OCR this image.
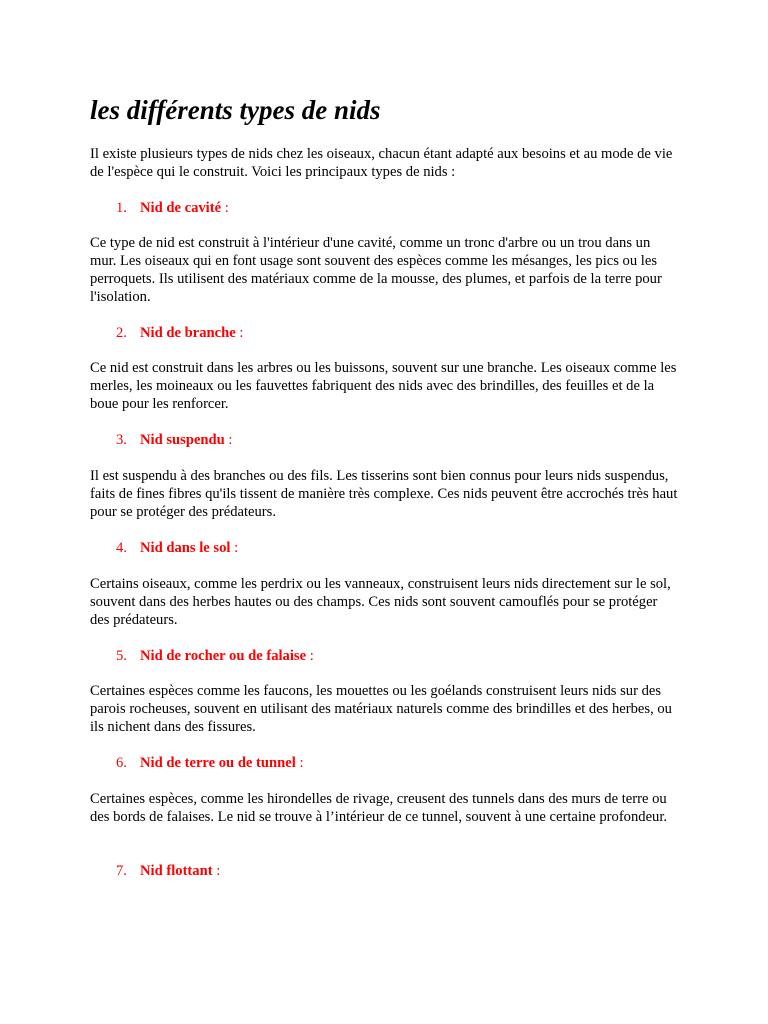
les différents types de nids

Il existe plusieurs types de nids chez les oiseaux, chacun étant adapté aux besoins et au mode de vie de l'espèce qui le construit. Voici les principaux types de nids :

1. Nid de cavité :

Ce type de nid est construit à l'intérieur d'une cavité, comme un tronc d'arbre ou un trou dans un mur. Les oiseaux qui en font usage sont souvent des espèces comme les mésanges, les pics ou les perroquets. Ils utilisent des matériaux comme de la mousse, des plumes, et parfois de la terre pour l'isolation.

2. Nid de branche :

Ce nid est construit dans les arbres ou les buissons, souvent sur une branche. Les oiseaux comme les merles, les moineaux ou les fauvettes fabriquent des nids avec des brindilles, des feuilles et de la boue pour les renforcer.

3. Nid suspendu :

Il est suspendu à des branches ou des fils. Les tisserins sont bien connus pour leurs nids suspendus, faits de fines fibres qu'ils tissent de manière très complexe. Ces nids peuvent être accrochés très haut pour se protéger des prédateurs.

4. Nid dans le sol :

Certains oiseaux, comme les perdrix ou les vanneaux, construisent leurs nids directement sur le sol, souvent dans des herbes hautes ou des champs. Ces nids sont souvent camouflés pour se protéger des prédateurs.

5. Nid de rocher ou de falaise :

Certaines espèces comme les faucons, les mouettes ou les goélands construisent leurs nids sur des parois rocheuses, souvent en utilisant des matériaux naturels comme des brindilles et des herbes, ou ils nichent dans des fissures.

6. Nid de terre ou de tunnel :

Certaines espèces, comme les hirondelles de rivage, creusent des tunnels dans des murs de terre ou des bords de falaises. Le nid se trouve à l’intérieur de ce tunnel, souvent à une certaine profondeur.

7. Nid flottant :
